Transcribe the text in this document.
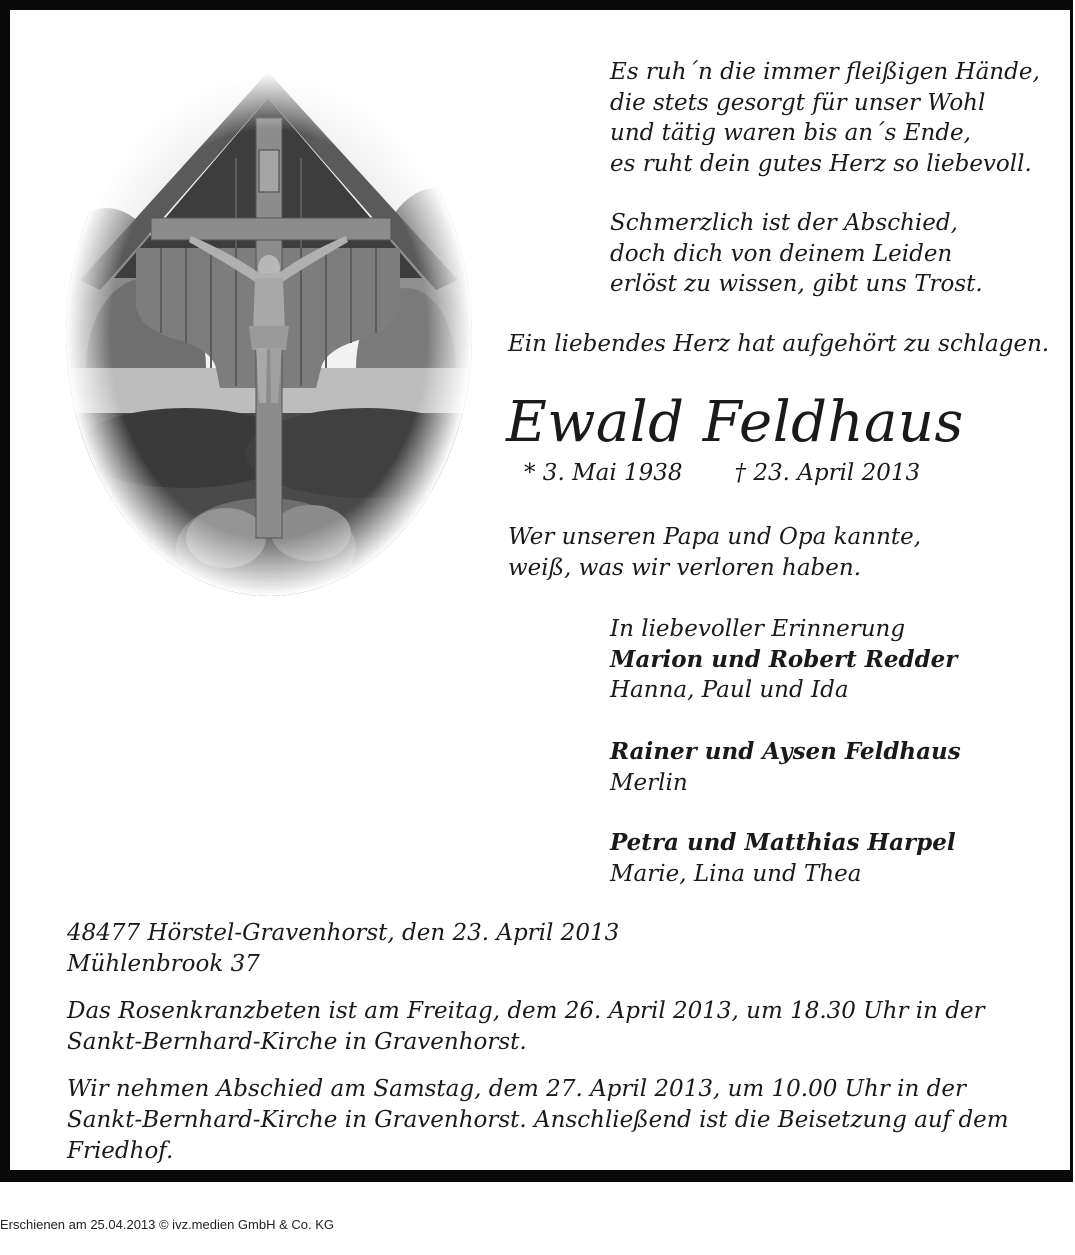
Es ruh´n die immer fleißigen Hände,
die stets gesorgt für unser Wohl
und tätig waren bis an´s Ende,
es ruht dein gutes Herz so liebevoll.
Schmerzlich ist der Abschied,
doch dich von deinem Leiden
erlöst zu wissen, gibt uns Trost.
Ein liebendes Herz hat aufgehört zu schlagen.
Ewald Feldhaus
* 3. Mai 1938 † 23. April 2013
Wer unseren Papa und Opa kannte,
weiß, was wir verloren haben.
In liebevoller Erinnerung
Marion und Robert Redder
Hanna, Paul und Ida
Rainer und Aysen Feldhaus
Merlin
Petra und Matthias Harpel
Marie, Lina und Thea
48477 Hörstel-Gravenhorst, den 23. April 2013
Mühlenbrook 37
Das Rosenkranzbeten ist am Freitag, dem 26. April 2013, um 18.30 Uhr in der Sankt-Bernhard-Kirche in Gravenhorst.
Wir nehmen Abschied am Samstag, dem 27. April 2013, um 10.00 Uhr in der Sankt-Bernhard-Kirche in Gravenhorst. Anschließend ist die Beisetzung auf dem Friedhof.
Erschienen am 25.04.2013 © ivz.medien GmbH & Co. KG
